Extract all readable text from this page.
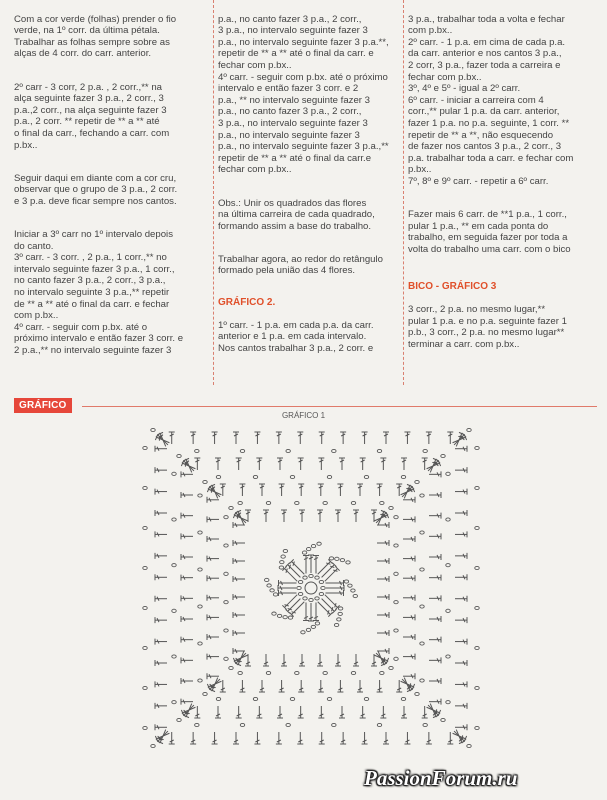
Com a cor verde (folhas) prender o fio
verde, na 1º corr. da última pétala.
Trabalhar as folhas sempre sobre as
alças de 4 corr. do carr. anterior.

2º carr - 3 corr, 2 p.a. , 2 corr.,** na
alça seguinte fazer 3 p.a., 2 corr., 3
p.a.,2 corr., na alça seguinte fazer 3
p.a., 2 corr. ** repetir de ** a ** até
o final da carr., fechando a carr. com
p.bx..

Seguir daqui em diante com a cor cru,
observar que o grupo de 3 p.a., 2 corr.
e 3 p.a. deve ficar sempre nos cantos.

Iniciar a 3º carr no 1º intervalo depois
do canto.
3º carr. - 3 corr. , 2 p.a., 1 corr.,** no
intervalo seguinte fazer 3 p.a., 1 corr.,
no canto fazer 3 p.a., 2 corr., 3 p.a.,
no intervalo seguinte 3 p.a.,** repetir
de ** a ** até o final da carr. e fechar
com p.bx..
4º carr. - seguir com p.bx. até o
próximo intervalo e então fazer 3 corr. e
2 p.a.,** no intervalo seguinte fazer 3

p.a., no canto fazer 3 p.a., 2 corr.,
3 p.a., no intervalo seguinte fazer 3
p.a., no intervalo seguinte fazer 3 p.a.**,
repetir de ** a ** até o final da carr. e
fechar com p.bx..
4º carr. - seguir com p.bx. até o próximo
intervalo e então fazer 3 corr. e 2
p.a., ** no intervalo seguinte fazer 3
p.a., no canto fazer 3 p.a., 2 corr.,
3 p.a., no intervalo seguinte fazer 3
p.a., no intervalo seguinte fazer 3
p.a., no intervalo seguinte fazer 3 p.a.,**
repetir de ** a ** até o final da carr.e
fechar com p.bx..

Obs.: Unir os quadrados das flores
na última carreira de cada quadrado,
formando assim a base do trabalho.

Trabalhar agora, ao redor do retângulo
formado pela união das 4 flores.

GRÁFICO 2.

1º carr. - 1 p.a. em cada p.a. da carr.
anterior e 1 p.a. em cada intervalo.
Nos cantos trabalhar 3 p.a., 2 corr. e

3 p.a., trabalhar toda a volta e fechar
com p.bx..
2º carr. - 1 p.a. em cima de cada p.a.
da carr. anterior e nos cantos 3 p.a.,
2 corr, 3 p.a., fazer toda a carreira e
fechar com p.bx..
3º, 4º e 5º - igual a 2º carr.
6º carr. - iniciar a carreira com 4
corr.,** pular 1 p.a. da carr. anterior,
fazer 1 p.a. no p.a. seguinte, 1 corr. **
repetir de ** a **, não esquecendo
de fazer nos cantos 3 p.a., 2 corr., 3
p.a. trabalhar toda a carr. e fechar com
p.bx..
7º, 8º e 9º carr. - repetir a 6º carr.

Fazer mais 6 carr. de **1 p.a., 1 corr.,
pular 1 p.a., ** em cada ponta do
trabalho, em seguida fazer por toda a
volta do trabalho uma carr. com o bico

BICO - GRÁFICO 3

3 corr., 2 p.a. no mesmo lugar,**
pular 1 p.a. e no p.a. seguinte fazer 1
p.b., 3 corr., 2 p.a. no mesmo lugar**
terminar a carr. com p.bx..

GRÁFICO
GRÁFICO 1
PassionForum.ru
